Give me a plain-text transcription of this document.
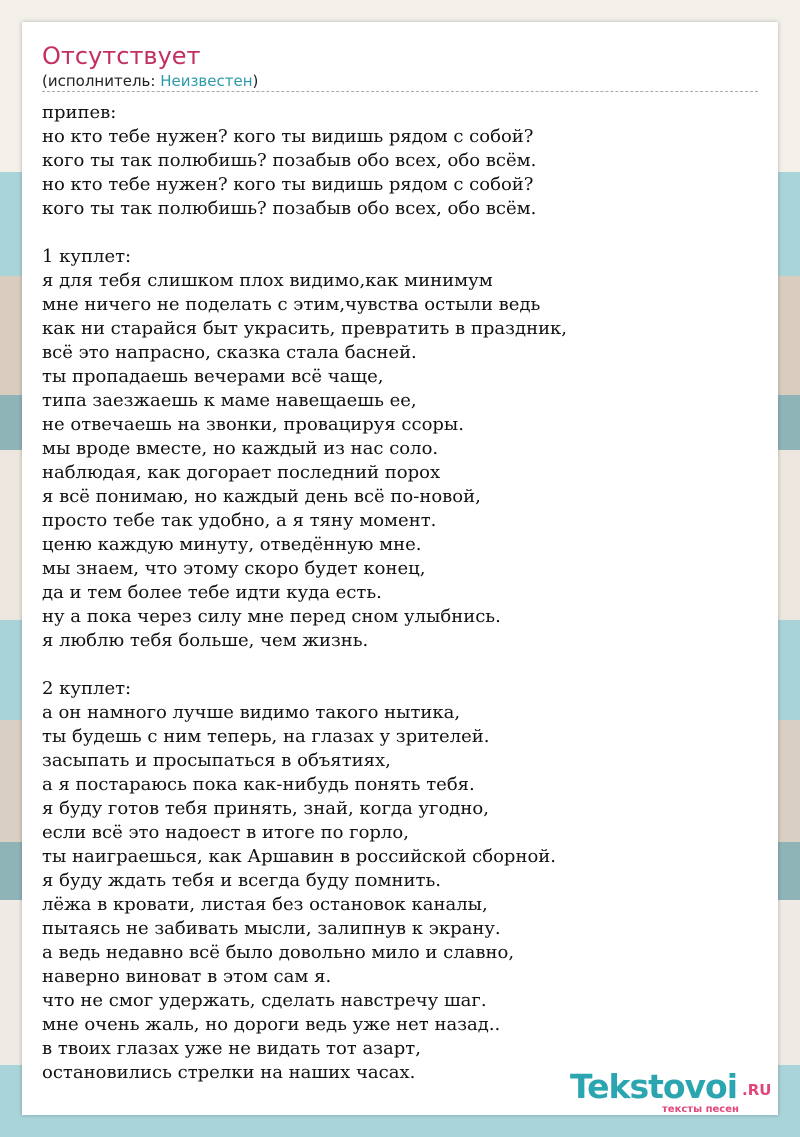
Отсутствует
(исполнитель: Неизвестен)
припев:
но кто тебе нужен? кого ты видишь рядом с собой?
кого ты так полюбишь? позабыв обо всех, обо всём.
но кто тебе нужен? кого ты видишь рядом с собой?
кого ты так полюбишь? позабыв обо всех, обо всём.

1 куплет:
я для тебя слишком плох видимо,как минимум
мне ничего не поделать с этим,чувства остыли ведь
как ни старайся быт украсить, превратить в праздник,
всё это напрасно, сказка стала басней.
ты пропадаешь вечерами всё чаще,
типа заезжаешь к маме навещаешь ее,
не отвечаешь на звонки, провацируя ссоры.
мы вроде вместе, но каждый из нас соло.
наблюдая, как догорает последний порох
я всё понимаю, но каждый день всё по-новой,
просто тебе так удобно, а я тяну момент.
ценю каждую минуту, отведённую мне.
мы знаем, что этому скоро будет конец,
да и тем более тебе идти куда есть.
ну а пока через силу мне перед сном улыбнись.
я люблю тебя больше, чем жизнь.

2 куплет:
а он намного лучше видимо такого нытика,
ты будешь с ним теперь, на глазах у зрителей.
засыпать и просыпаться в объятиях,
а я постараюсь пока как-нибудь понять тебя.
я буду готов тебя принять, знай, когда угодно,
если всё это надоест в итоге по горло,
ты наиграешься, как Аршавин в российской сборной.
я буду ждать тебя и всегда буду помнить.
лёжа в кровати, листая без остановок каналы,
пытаясь не забивать мысли, залипнув к экрану.
а ведь недавно всё было довольно мило и славно,
наверно виноват в этом сам я.
что не смог удержать, сделать навстречу шаг.
мне очень жаль, но дороги ведь уже нет назад..
в твоих глазах уже не видать тот азарт,
остановились стрелки на наших часах.	Tekstovoi .RU
тексты песен
